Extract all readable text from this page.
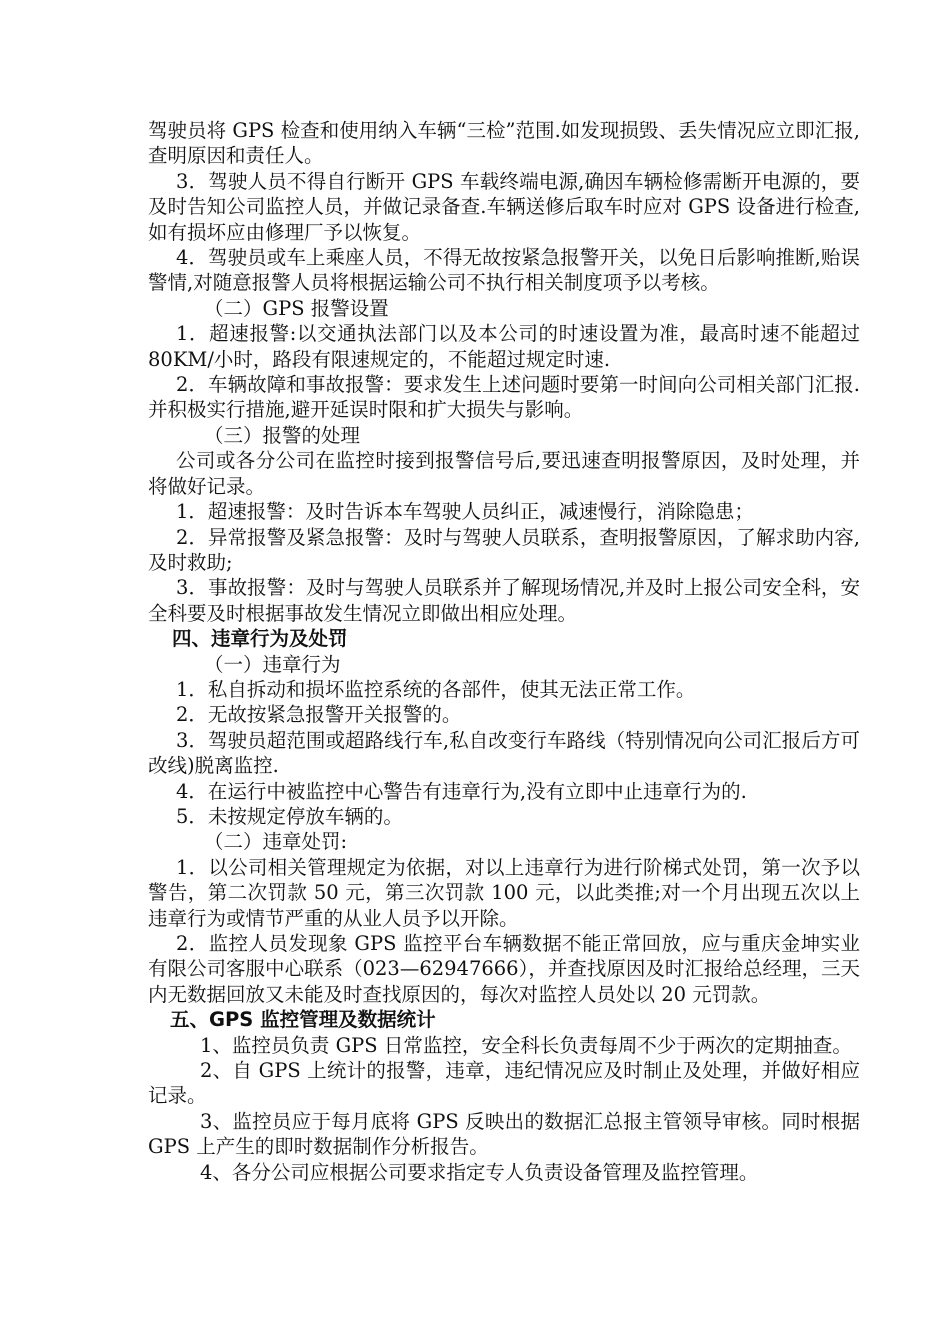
驾驶员将 GPS 检查和使用纳入车辆“三检”范围.如发现损毁、丢失情况应立即汇报,查明原因和责任人。

3．驾驶人员不得自行断开 GPS 车载终端电源,确因车辆检修需断开电源的，要及时告知公司监控人员，并做记录备查.车辆送修后取车时应对 GPS 设备进行检查,如有损坏应由修理厂予以恢复。

4．驾驶员或车上乘座人员，不得无故按紧急报警开关，以免日后影响推断,贻误警情,对随意报警人员将根据运输公司不执行相关制度项予以考核。

（二）GPS 报警设置

1．超速报警:以交通执法部门以及本公司的时速设置为准，最高时速不能超过 80KM/小时，路段有限速规定的，不能超过规定时速.

2．车辆故障和事故报警：要求发生上述问题时要第一时间向公司相关部门汇报.并积极实行措施,避开延误时限和扩大损失与影响。

（三）报警的处理

公司或各分公司在监控时接到报警信号后,要迅速查明报警原因，及时处理，并将做好记录。

1．超速报警：及时告诉本车驾驶人员纠正，减速慢行，消除隐患；

2．异常报警及紧急报警：及时与驾驶人员联系，查明报警原因，了解求助内容,及时救助;

3．事故报警：及时与驾驶人员联系并了解现场情况,并及时上报公司安全科，安全科要及时根据事故发生情况立即做出相应处理。

四、违章行为及处罚

（一）违章行为

1．私自拆动和损坏监控系统的各部件，使其无法正常工作。

2．无故按紧急报警开关报警的。

3．驾驶员超范围或超路线行车,私自改变行车路线（特别情况向公司汇报后方可改线)脱离监控.

4．在运行中被监控中心警告有违章行为,没有立即中止违章行为的.

5．未按规定停放车辆的。

（二）违章处罚:

1．以公司相关管理规定为依据，对以上违章行为进行阶梯式处罚，第一次予以警告，第二次罚款 50 元，第三次罚款 100 元，以此类推;对一个月出现五次以上违章行为或情节严重的从业人员予以开除。

2．监控人员发现象 GPS 监控平台车辆数据不能正常回放，应与重庆金坤实业有限公司客服中心联系（023—62947666），并查找原因及时汇报给总经理，三天内无数据回放又未能及时查找原因的，每次对监控人员处以 20 元罚款。

五、GPS 监控管理及数据统计

1、监控员负责 GPS 日常监控，安全科长负责每周不少于两次的定期抽查。

2、自 GPS 上统计的报警，违章，违纪情况应及时制止及处理，并做好相应记录。

3、监控员应于每月底将 GPS 反映出的数据汇总报主管领导审核。同时根据 GPS 上产生的即时数据制作分析报告。

4、各分公司应根据公司要求指定专人负责设备管理及监控管理。
